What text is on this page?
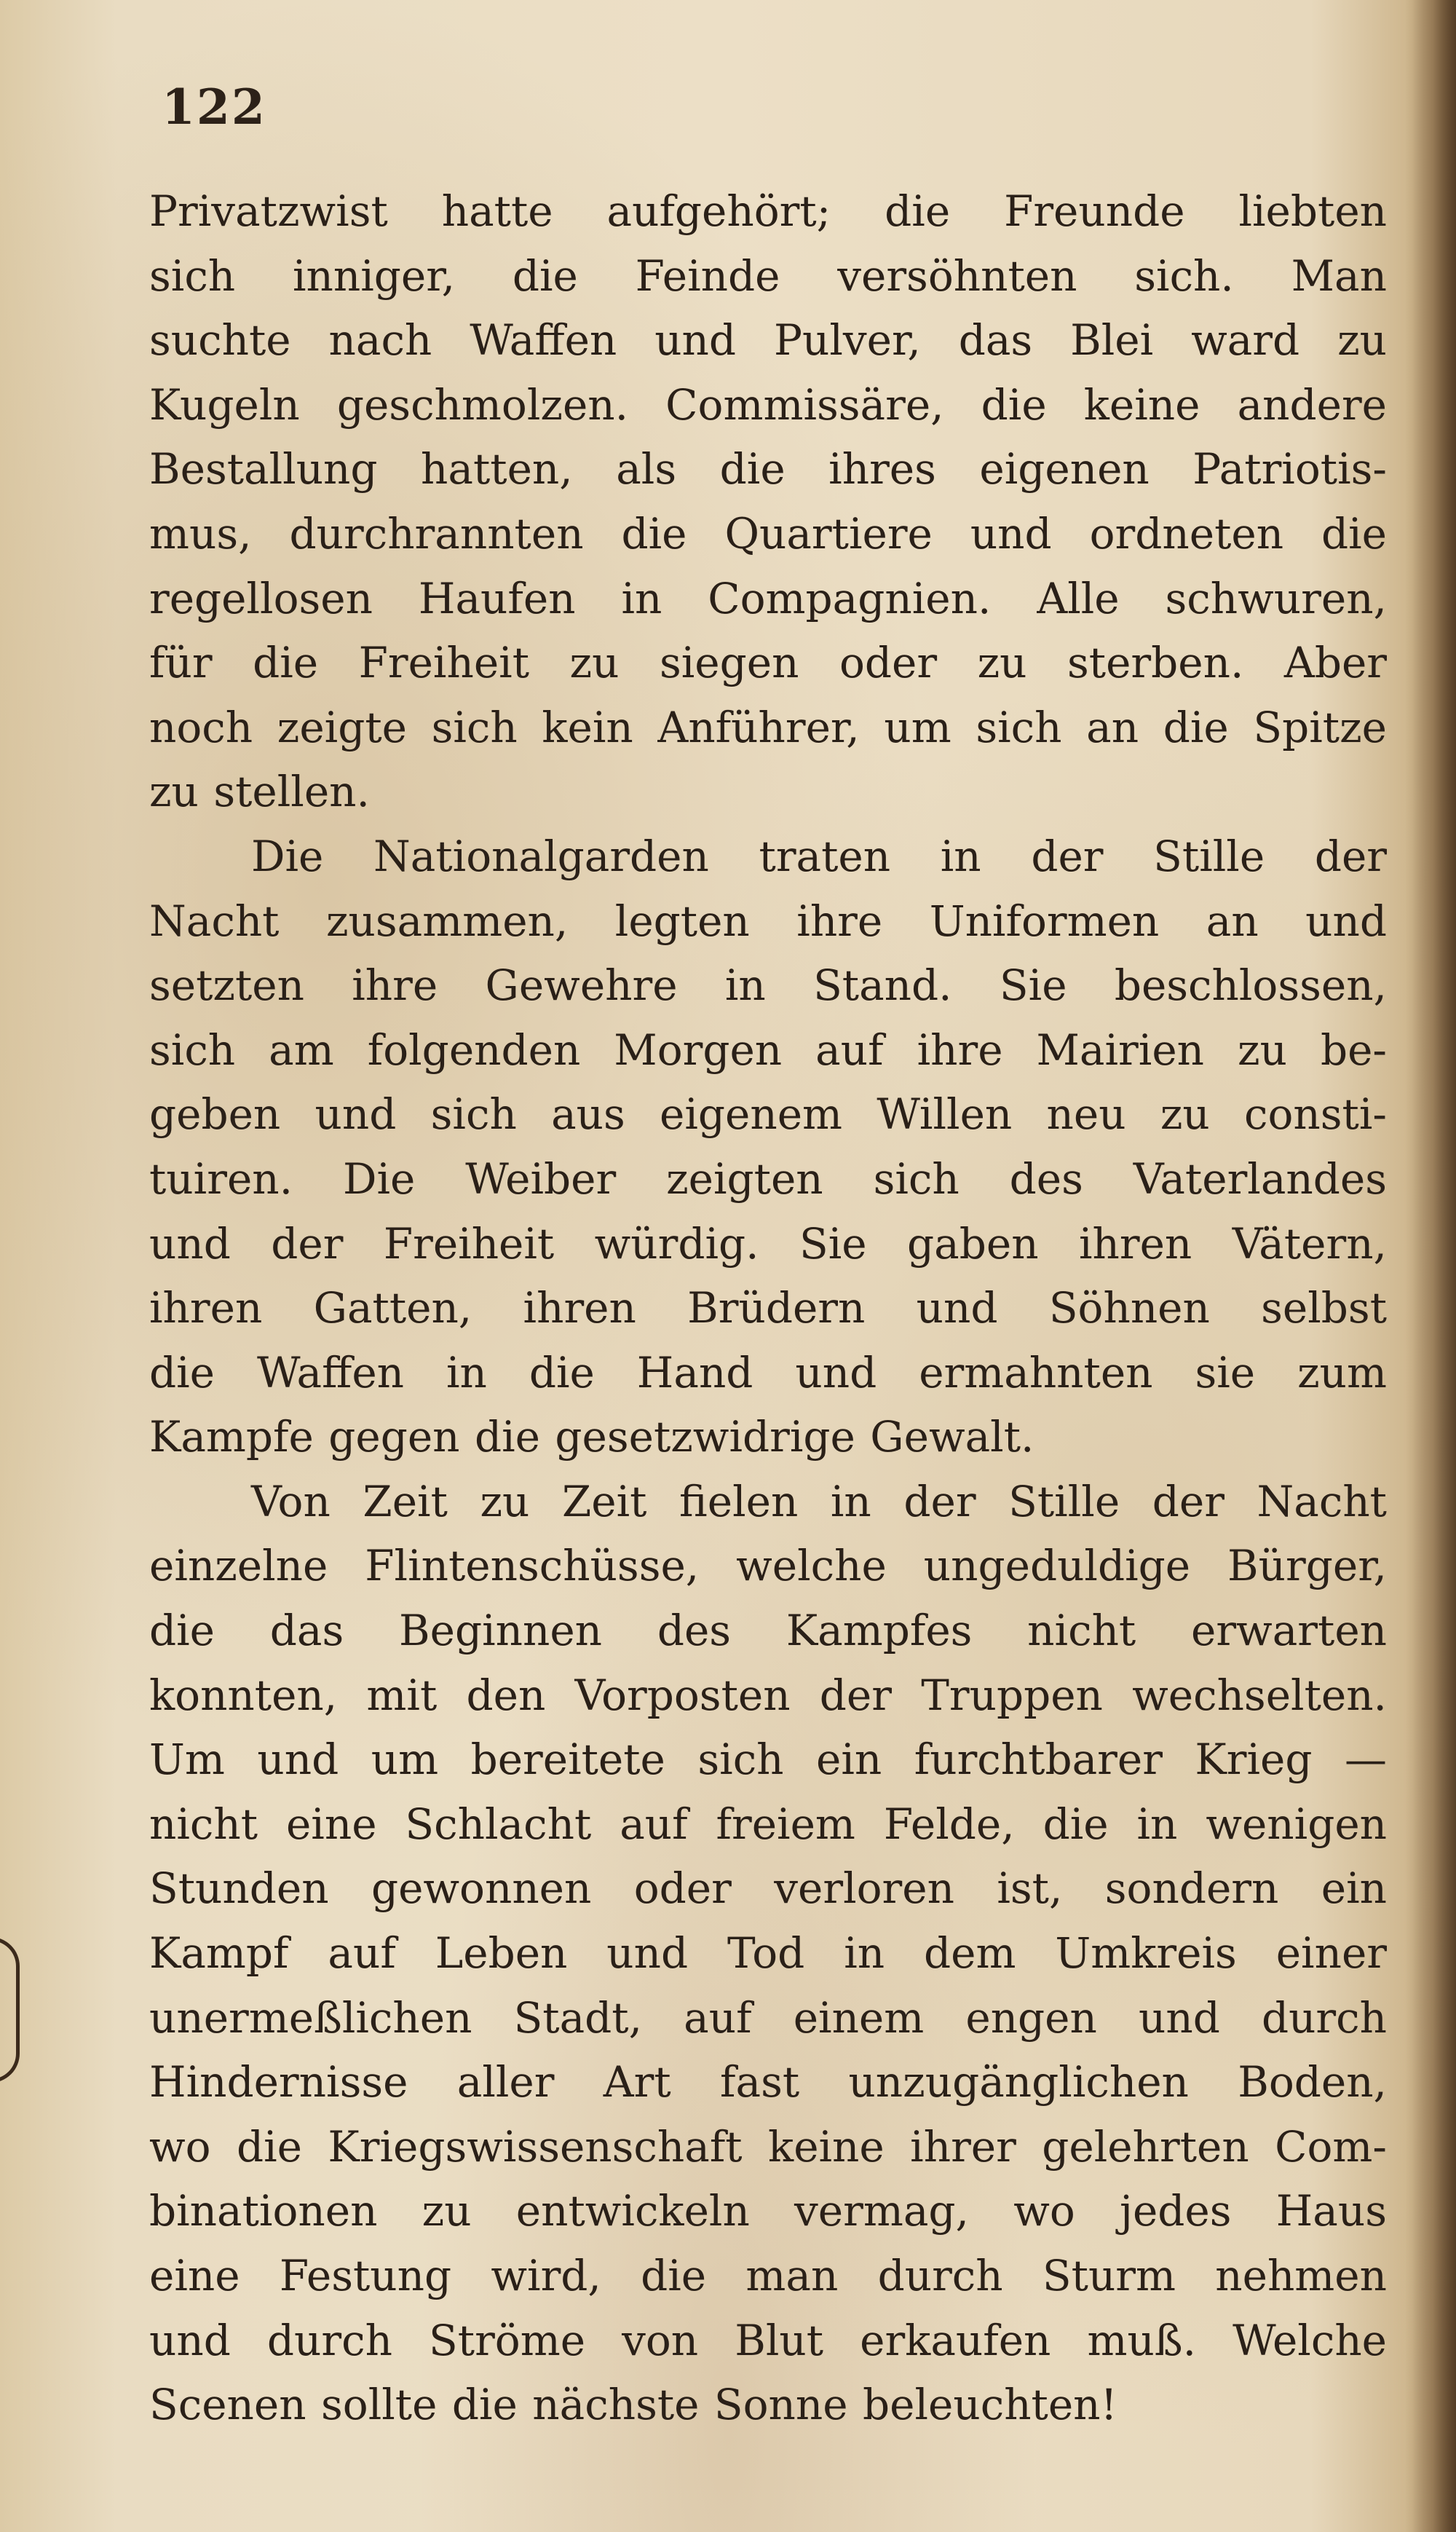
122
Privatzwist hatte aufgehört; die Freunde liebten
sich inniger, die Feinde versöhnten sich. Man
suchte nach Waffen und Pulver, das Blei ward zu
Kugeln geschmolzen. Commissäre, die keine andere
Bestallung hatten, als die ihres eigenen Patriotis-
mus, durchrannten die Quartiere und ordneten die
regellosen Haufen in Compagnien. Alle schwuren,
für die Freiheit zu siegen oder zu sterben. Aber
noch zeigte sich kein Anführer, um sich an die Spitze
zu stellen.
Die Nationalgarden traten in der Stille der
Nacht zusammen, legten ihre Uniformen an und
setzten ihre Gewehre in Stand. Sie beschlossen,
sich am folgenden Morgen auf ihre Mairien zu be-
geben und sich aus eigenem Willen neu zu consti-
tuiren. Die Weiber zeigten sich des Vaterlandes
und der Freiheit würdig. Sie gaben ihren Vätern,
ihren Gatten, ihren Brüdern und Söhnen selbst
die Waffen in die Hand und ermahnten sie zum
Kampfe gegen die gesetzwidrige Gewalt.
Von Zeit zu Zeit fielen in der Stille der Nacht
einzelne Flintenschüsse, welche ungeduldige Bürger,
die das Beginnen des Kampfes nicht erwarten
konnten, mit den Vorposten der Truppen wechselten.
Um und um bereitete sich ein furchtbarer Krieg —
nicht eine Schlacht auf freiem Felde, die in wenigen
Stunden gewonnen oder verloren ist, sondern ein
Kampf auf Leben und Tod in dem Umkreis einer
unermeßlichen Stadt, auf einem engen und durch
Hindernisse aller Art fast unzugänglichen Boden,
wo die Kriegswissenschaft keine ihrer gelehrten Com-
binationen zu entwickeln vermag, wo jedes Haus
eine Festung wird, die man durch Sturm nehmen
und durch Ströme von Blut erkaufen muß. Welche
Scenen sollte die nächste Sonne beleuchten!
